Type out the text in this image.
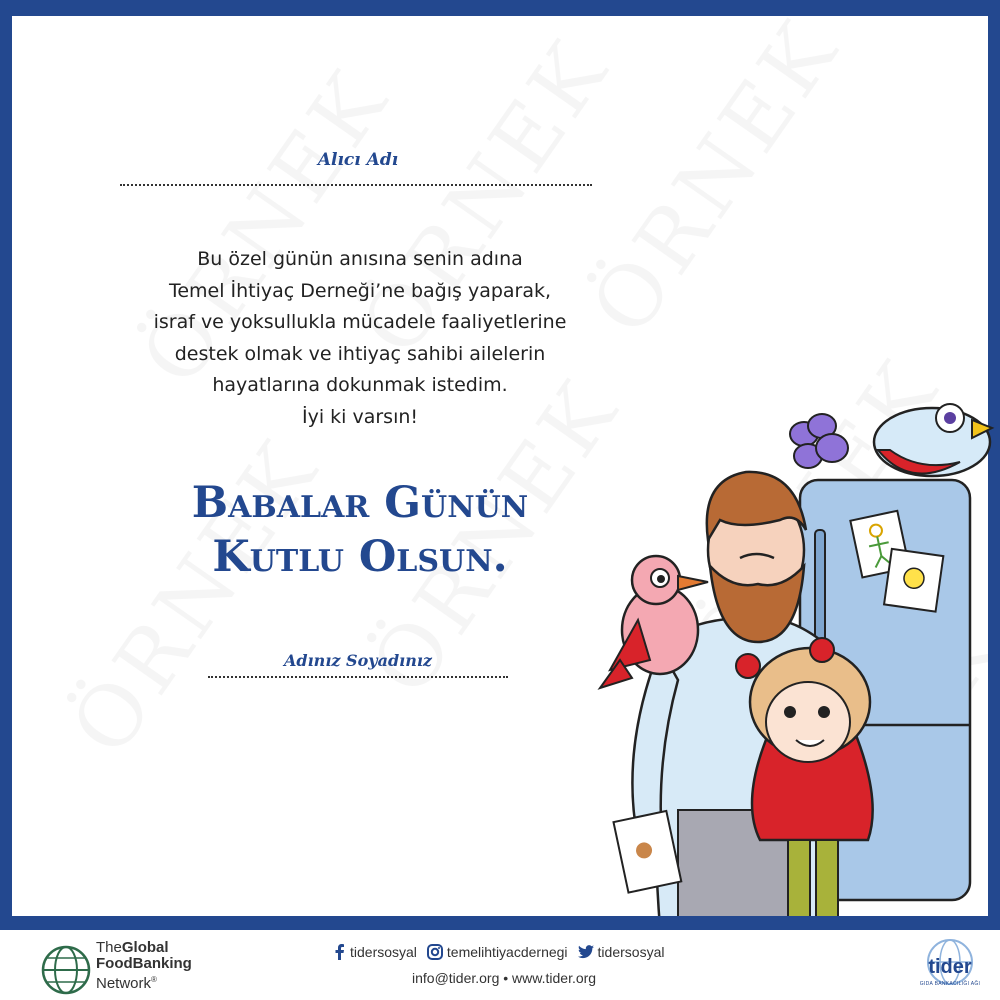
Alıcı Adı
Bu özel günün anısına senin adına
Temel İhtiyaç Derneği’ne bağış yaparak,
israf ve yoksullukla mücadele faaliyetlerine
destek olmak ve ihtiyaç sahibi ailelerin
hayatlarına dokunmak istedim.
İyi ki varsın!
Babalar Günün
Kutlu Olsun.
Adınız Soyadınız
TheGlobal
FoodBanking
Network®
tidersosyal temelihtiyacdernegi tidersosyal
info@tider.org • www.tider.org	tider
GIDA BANKACILIĞI AĞI
